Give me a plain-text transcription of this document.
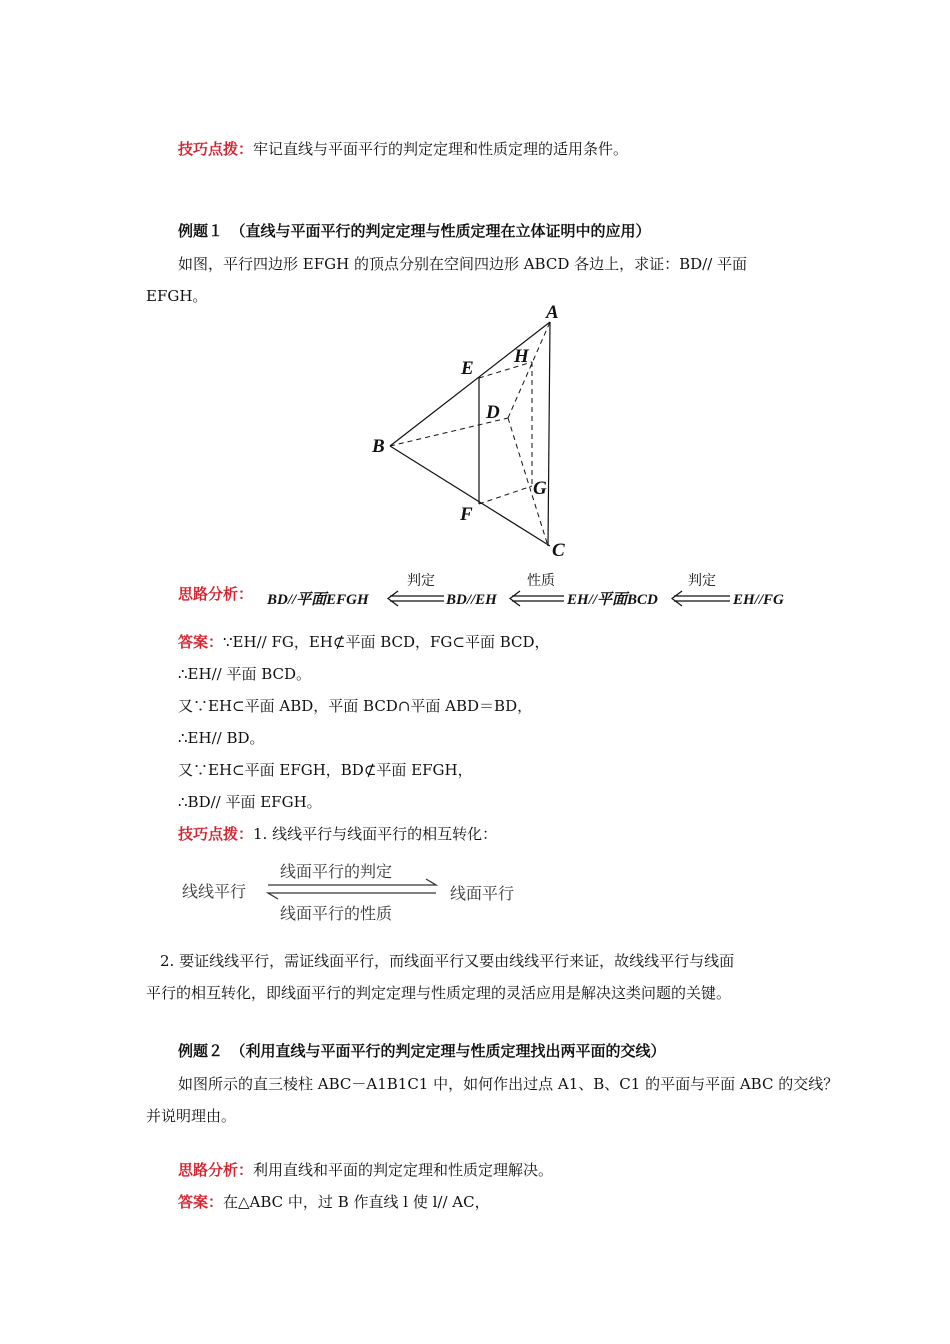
技巧点拨：牢记直线与平面平行的判定定理和性质定理的适用条件。
例题１　（直线与平面平行的判定定理与性质定理在立体证明中的应用）
如图，平行四边形 EFGH 的顶点分别在空间四边形 ABCD 各边上，求证：BD// 平面
EFGH。
A
B
C
D
E
F
G
H
思路分析： BD//平面EFGH	BD//EH	EH//平面BCD	EH//FG
判定	性质	判定
答案：∵EH// FG，EH⊄平面 BCD，FG⊂平面 BCD，
∴EH// 平面 BCD。
又∵EH⊂平面 ABD，平面 BCD∩平面 ABD＝BD，
∴EH// BD。
又∵EH⊂平面 EFGH，BD⊄平面 EFGH，
∴BD// 平面 EFGH。
技巧点拨：1. 线线平行与线面平行的相互转化：
线线平行
线面平行的判定
线面平行的性质
线面平行
2. 要证线线平行，需证线面平行，而线面平行又要由线线平行来证，故线线平行与线面
平行的相互转化，即线面平行的判定定理与性质定理的灵活应用是解决这类问题的关键。
例题２　（利用直线与平面平行的判定定理与性质定理找出两平面的交线）
如图所示的直三棱柱 ABC－A1B1C1 中，如何作出过点 A1、B、C1 的平面与平面 ABC 的交线？
并说明理由。
思路分析：利用直线和平面的判定定理和性质定理解决。
答案：在△ABC 中，过 B 作直线 l 使 l// AC，
